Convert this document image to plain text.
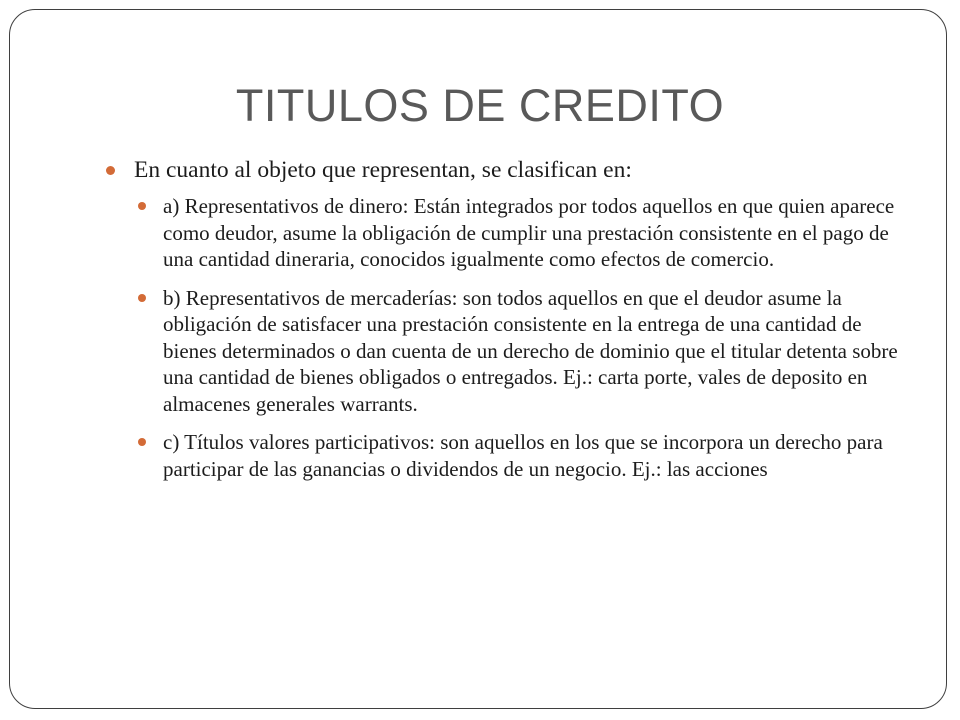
TITULOS DE CREDITO
En cuanto al objeto que representan, se clasifican en:
a) Representativos de dinero: Están integrados por todos aquellos en que quien aparece como deudor, asume la obligación de cumplir una prestación consistente en el pago de una cantidad dineraria, conocidos igualmente como efectos de comercio.
b) Representativos de mercaderías: son todos aquellos en que el deudor asume la obligación de satisfacer una prestación consistente en la entrega de una cantidad de bienes determinados o dan cuenta de un derecho de dominio que el titular detenta sobre una cantidad de bienes obligados o entregados. Ej.: carta porte, vales de deposito en almacenes generales warrants.
c) Títulos valores participativos: son aquellos en los que se incorpora un derecho para participar de las ganancias o dividendos de un negocio. Ej.: las acciones
